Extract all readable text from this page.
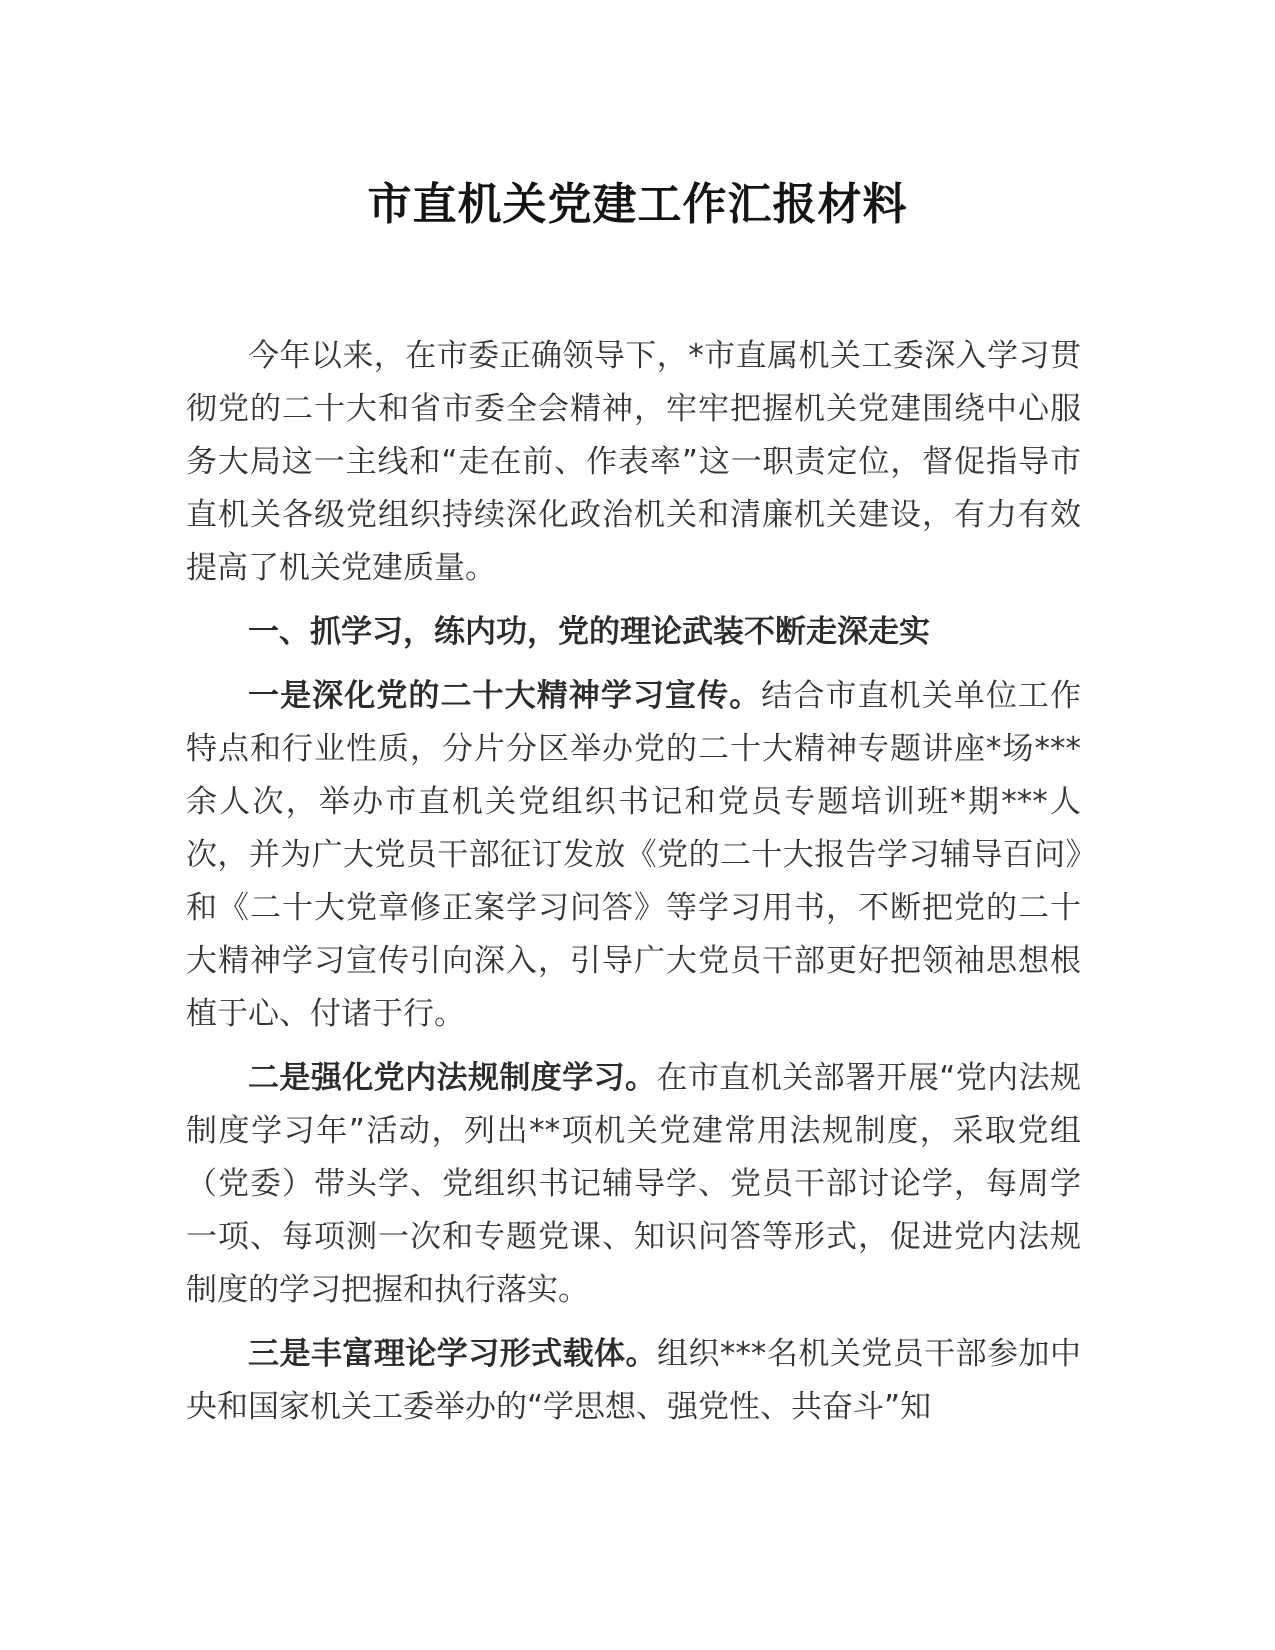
市直机关党建工作汇报材料

今年以来，在市委正确领导下，*市直属机关工委深入学习贯彻党的二十大和省市委全会精神，牢牢把握机关党建围绕中心服务大局这一主线和“走在前、作表率”这一职责定位，督促指导市直机关各级党组织持续深化政治机关和清廉机关建设，有力有效提高了机关党建质量。

一、抓学习，练内功，党的理论武装不断走深走实

一是深化党的二十大精神学习宣传。结合市直机关单位工作特点和行业性质，分片分区举办党的二十大精神专题讲座*场***余人次，举办市直机关党组织书记和党员专题培训班*期***人次，并为广大党员干部征订发放《党的二十大报告学习辅导百问》和《二十大党章修正案学习问答》等学习用书，不断把党的二十大精神学习宣传引向深入，引导广大党员干部更好把领袖思想根植于心、付诸于行。

二是强化党内法规制度学习。在市直机关部署开展“党内法规制度学习年”活动，列出**项机关党建常用法规制度，采取党组（党委）带头学、党组织书记辅导学、党员干部讨论学，每周学一项、每项测一次和专题党课、知识问答等形式，促进党内法规制度的学习把握和执行落实。

三是丰富理论学习形式载体。组织***名机关党员干部参加中央和国家机关工委举办的“学思想、强党性、共奋斗”知
